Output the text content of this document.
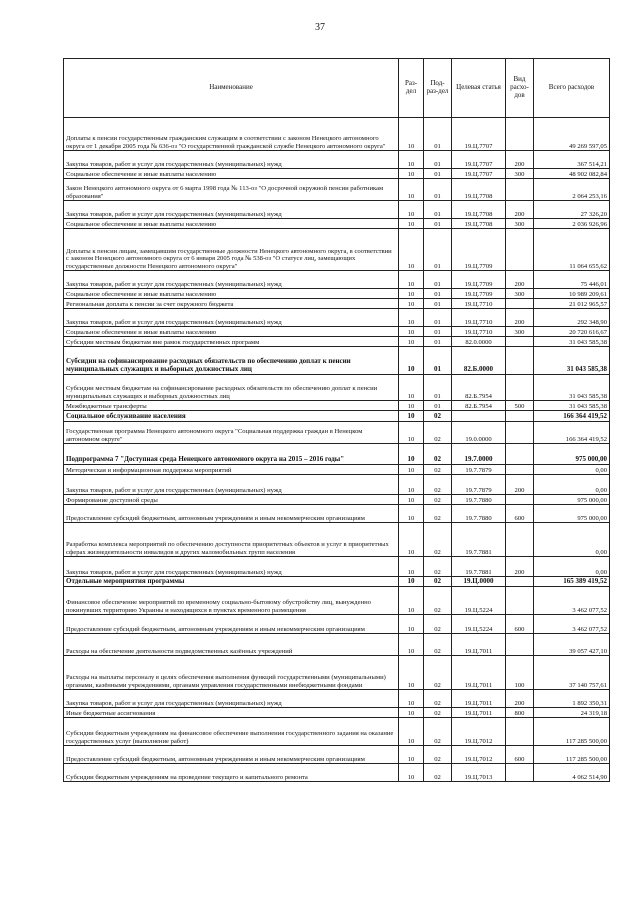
37
Наименование	Раз-дел	Под-раз-дел	Целевая статья	Вид расхо-дов	Всего расходов
Доплаты к пенсии государственным гражданским служащим в соответствии с законом Ненецкого автономного округа от 1 декабря 2005 года № 636-оз "О государственной гражданской службе Ненецкого автономного округа"	10	01	19.Ц.7707		49 269 597,05
Закупка товаров, работ и услуг для государственных (муниципальных) нужд	10	01	19.Ц.7707	200	367 514,21
Социальное обеспечение и иные выплаты населению	10	01	19.Ц.7707	300	48 902 082,84
Закон Ненецкого автономного округа от 6 марта 1998 года № 113-оз "О досрочной окружной пенсии работникам образования"	10	01	19.Ц.7708		2 064 253,16
Закупка товаров, работ и услуг для государственных (муниципальных) нужд	10	01	19.Ц.7708	200	27 326,20
Социальное обеспечение и иные выплаты населению	10	01	19.Ц.7708	300	2 036 926,96
Доплаты к пенсии лицам, замещавшим государственные должности Ненецкого автономного округа, в соответствии с законом Ненецкого автономного округа от 6 января 2005 года № 538-оз "О статусе лиц, замещающих государственные должности Ненецкого автономного округа"	10	01	19.Ц.7709		11 064 655,62
Закупка товаров, работ и услуг для государственных (муниципальных) нужд	10	01	19.Ц.7709	200	75 446,01
Социальное обеспечение и иные выплаты населению	10	01	19.Ц.7709	300	10 989 209,61
Региональная доплата к пенсии за счет окружного бюджета	10	01	19.Ц.7710		21 012 965,57
Закупка товаров, работ и услуг для государственных (муниципальных) нужд	10	01	19.Ц.7710	200	292 348,90
Социальное обеспечение и иные выплаты населению	10	01	19.Ц.7710	300	20 720 616,67
Субсидии местным бюджетам вне рамок государственных программ	10	01	82.0.0000		31 043 585,38
Субсидии на софинансирование расходных обязательств по обеспечению доплат к пенсии муниципальных служащих и выборных должностных лиц	10	01	82.Б.0000		31 043 585,38
Субсидии местным бюджетам на софинансирование расходных обязательств по обеспечению доплат к пенсии муниципальных служащих и выборных должностных лиц	10	01	82.Б.7954		31 043 585,38
Межбюджетные трансферты	10	01	82.Б.7954	500	31 043 585,38
Социальное обслуживание населения	10	02			166 364 419,52
Государственная программа Ненецкого автономного округа "Социальная поддержка граждан в Ненецком автономном округе"	10	02	19.0.0000		166 364 419,52
Подпрограмма 7 "Доступная среда Ненецкого автономного округа на 2015 – 2016 годы"	10	02	19.7.0000		975 000,00
Методическая и информационная поддержка мероприятий	10	02	19.7.7879		0,00
Закупка товаров, работ и услуг для государственных (муниципальных) нужд	10	02	19.7.7879	200	0,00
Формирование доступной среды	10	02	19.7.7880		975 000,00
Предоставление субсидий бюджетным, автономным учреждениям и иным некоммерческим организациям	10	02	19.7.7880	600	975 000,00
Разработка комплекса мероприятий по обеспечению доступности приоритетных объектов и услуг в приоритетных сферах жизнедеятельности инвалидов и других маломобильных групп населения	10	02	19.7.7881		0,00
Закупка товаров, работ и услуг для государственных (муниципальных) нужд	10	02	19.7.7881	200	0,00
Отдельные мероприятия программы	10	02	19.Ц.0000		165 389 419,52
Финансовое обеспечение мероприятий по временному социально-бытовому обустройству лиц, вынужденно покинувших территорию Украины и находящихся в пунктах временного размещения	10	02	19.Ц.5224		3 462 077,52
Предоставление субсидий бюджетным, автономным учреждениям и иным некоммерческим организациям	10	02	19.Ц.5224	600	3 462 077,52
Расходы на обеспечение деятельности подведомственных казённых учреждений	10	02	19.Ц.7011		39 057 427,10
Расходы на выплаты персоналу в целях обеспечения выполнения функций государственными (муниципальными) органами, казёнными учреждениями, органами управления государственными внебюджетными фондами	10	02	19.Ц.7011	100	37 140 757,61
Закупка товаров, работ и услуг для государственных (муниципальных) нужд	10	02	19.Ц.7011	200	1 892 350,31
Иные бюджетные ассигнования	10	02	19.Ц.7011	800	24 319,18
Субсидии бюджетным учреждениям на финансовое обеспечение выполнения государственного задания на оказание государственных услуг (выполнение работ)	10	02	19.Ц.7012		117 285 500,00
Предоставление субсидий бюджетным, автономным учреждениям и иным некоммерческим организациям	10	02	19.Ц.7012	600	117 285 500,00
Субсидии бюджетным учреждениям на проведение текущего и капитального ремонта	10	02	19.Ц.7013		4 062 514,90
